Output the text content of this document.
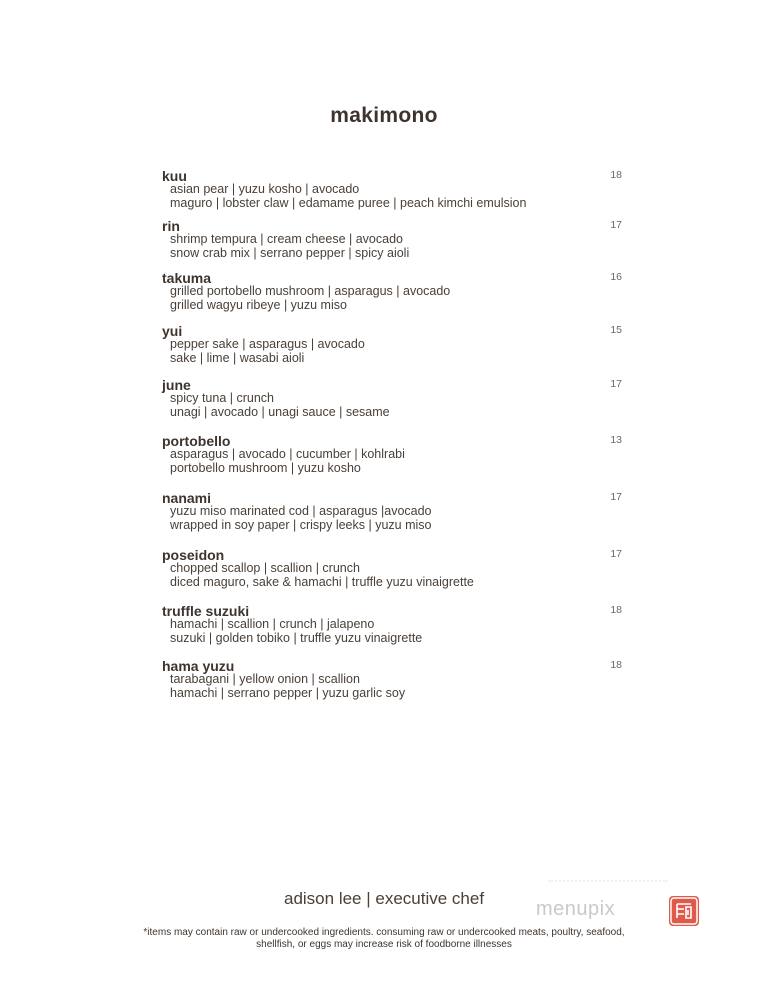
makimono
kuu	18
asian pear | yuzu kosho | avocado
maguro | lobster claw | edamame puree | peach kimchi emulsion
rin	17
shrimp tempura | cream cheese | avocado
snow crab mix | serrano pepper | spicy aioli
takuma	16
grilled portobello mushroom | asparagus | avocado
grilled wagyu ribeye | yuzu miso
yui	15
pepper sake | asparagus | avocado
sake | lime | wasabi aioli
june	17
spicy tuna | crunch
unagi | avocado | unagi sauce | sesame
portobello	13
asparagus | avocado | cucumber | kohlrabi
portobello mushroom | yuzu kosho
nanami	17
yuzu miso marinated cod | asparagus |avocado
wrapped in soy paper | crispy leeks | yuzu miso
poseidon	17
chopped scallop | scallion | crunch
diced maguro, sake & hamachi | truffle yuzu vinaigrette
truffle suzuki	18
hamachi | scallion | crunch | jalapeno
suzuki | golden tobiko | truffle yuzu vinaigrette
hama yuzu	18
tarabagani | yellow onion | scallion
hamachi | serrano pepper | yuzu garlic soy
adison lee | executive chef	menupix
*items may contain raw or undercooked ingredients. consuming raw or undercooked meats, poultry, seafood,
shellfish, or eggs may increase risk of foodborne illnesses
